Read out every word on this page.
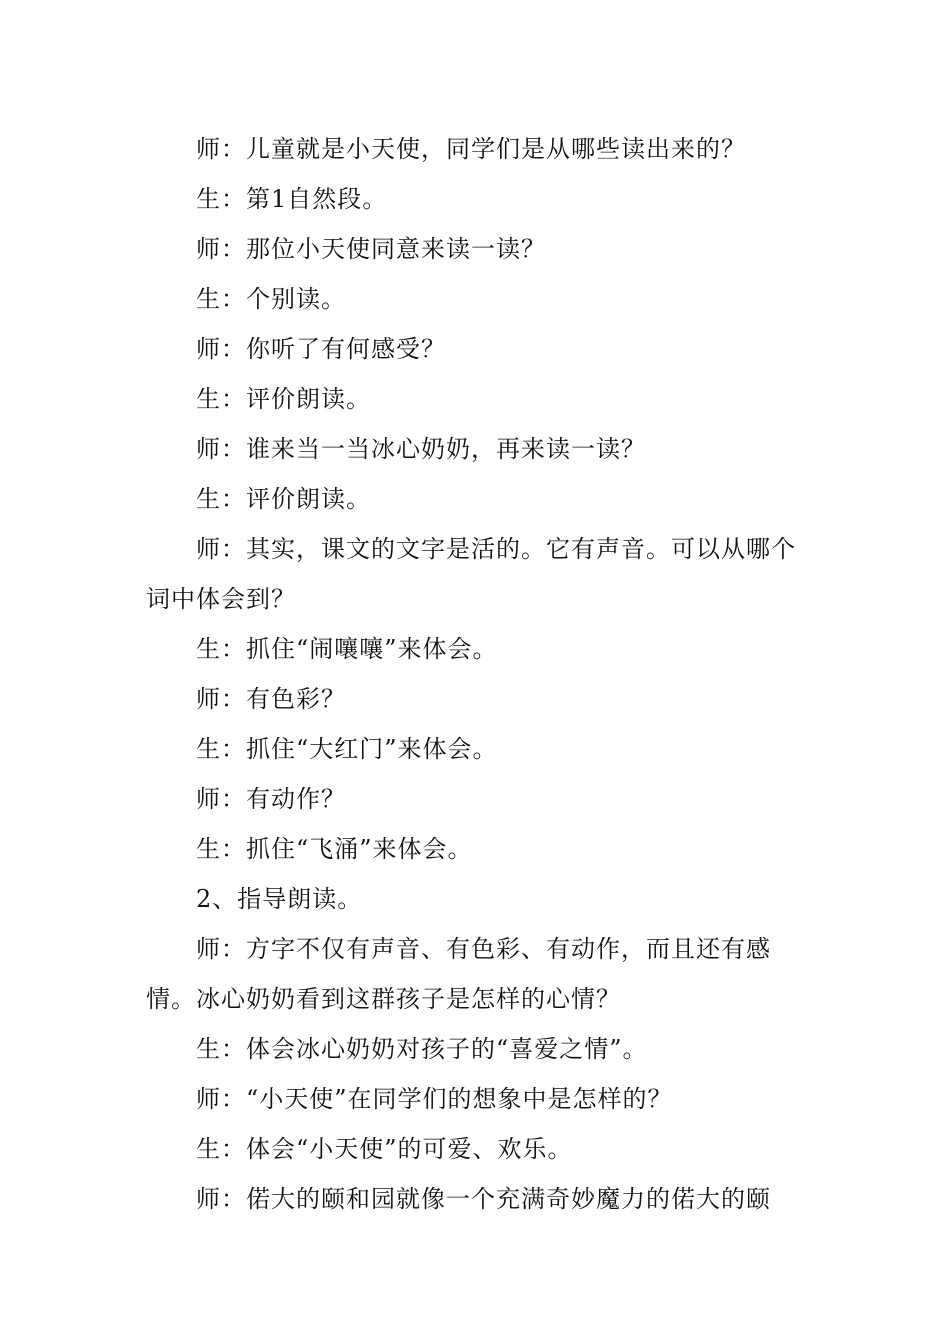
师：儿童就是小天使，同学们是从哪些读出来的？

生：第1自然段。

师：那位小天使同意来读一读？

生：个别读。

师：你听了有何感受？

生：评价朗读。

师：谁来当一当冰心奶奶，再来读一读？

生：评价朗读。

师：其实，课文的文字是活的。它有声音。可以从哪个词中体会到？

生：抓住“闹嚷嚷”来体会。

师：有色彩？

生：抓住“大红门”来体会。

师：有动作？

生：抓住“飞涌”来体会。

2、指导朗读。

师：方字不仅有声音、有色彩、有动作，而且还有感情。冰心奶奶看到这群孩子是怎样的心情？

生：体会冰心奶奶对孩子的“喜爱之情”。

师：“小天使”在同学们的想象中是怎样的？

生：体会“小天使”的可爱、欢乐。

师：偌大的颐和园就像一个充满奇妙魔力的偌大的颐
